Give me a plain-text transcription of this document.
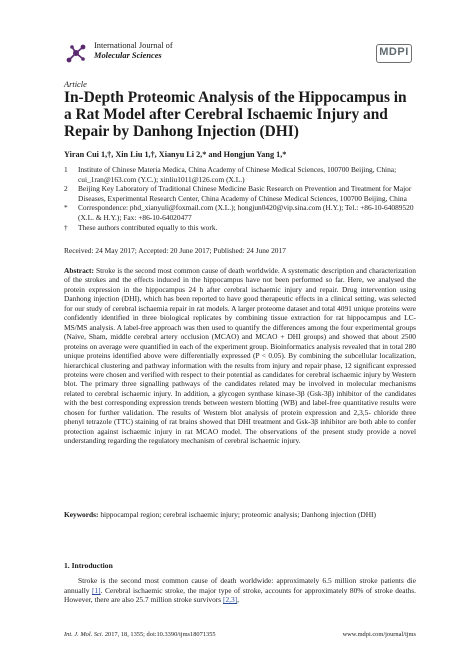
International Journal of
Molecular Sciences	MDPI
Article
In-Depth Proteomic Analysis of the Hippocampus in a Rat Model after Cerebral Ischaemic Injury and Repair by Danhong Injection (DHI)
Yiran Cui 1,†, Xin Liu 1,†, Xianyu Li 2,* and Hongjun Yang 1,*
1	Institute of Chinese Materia Medica, China Academy of Chinese Medical Sciences, 100700 Beijing, China; cui_1ran@163.com (Y.C.); xinliu1011@126.com (X.L.)
2	Beijing Key Laboratory of Traditional Chinese Medicine Basic Research on Prevention and Treatment for Major Diseases, Experimental Research Center, China Academy of Chinese Medical Sciences, 100700 Beijing, China
*	Correspondence: phd_xianyuli@foxmail.com (X.L.); hongjun0420@vip.sina.com (H.Y.); Tel.: +86-10-64089520 (X.L. & H.Y.); Fax: +86-10-64020477
†	These authors contributed equally to this work.
Received: 24 May 2017; Accepted: 20 June 2017; Published: 24 June 2017

Abstract: Stroke is the second most common cause of death worldwide. A systematic description and characterization of the strokes and the effects induced in the hippocampus have not been performed so far. Here, we analysed the protein expression in the hippocampus 24 h after cerebral ischaemic injury and repair. Drug intervention using Danhong injection (DHI), which has been reported to have good therapeutic effects in a clinical setting, was selected for our study of cerebral ischaemia repair in rat models. A larger proteome dataset and total 4091 unique proteins were confidently identified in three biological replicates by combining tissue extraction for rat hippocampus and LC-MS/MS analysis. A label-free approach was then used to quantify the differences among the four experimental groups (Naive, Sham, middle cerebral artery occlusion (MCAO) and MCAO + DHI groups) and showed that about 2500 proteins on average were quantified in each of the experiment group. Bioinformatics analysis revealed that in total 280 unique proteins identified above were differentially expressed (P < 0.05). By combining the subcellular localization, hierarchical clustering and pathway information with the results from injury and repair phase, 12 significant expressed proteins were chosen and verified with respect to their potential as candidates for cerebral ischaemic injury by Western blot. The primary three signalling pathways of the candidates related may be involved in molecular mechanisms related to cerebral ischaemic injury. In addition, a glycogen synthase kinase-3β (Gsk-3β) inhibitor of the candidates with the best corresponding expression trends between western blotting (WB) and label-free quantitative results were chosen for further validation. The results of Western blot analysis of protein expression and 2,3,5- chloride three phenyl tetrazole (TTC) staining of rat brains showed that DHI treatment and Gsk-3β inhibitor are both able to confer protection against ischaemic injury in rat MCAO model. The observations of the present study provide a novel understanding regarding the regulatory mechanism of cerebral ischaemic injury.

Keywords: hippocampal region; cerebral ischaemic injury; proteomic analysis; Danhong injection (DHI)

1. Introduction

Stroke is the second most common cause of death worldwide: approximately 6.5 million stroke patients die annually [1]. Cerebral ischaemic stroke, the major type of stroke, accounts for approximately 80% of stroke deaths. However, there are also 25.7 million stroke survivors [2,3],

Int. J. Mol. Sci. 2017, 18, 1355; doi:10.3390/ijms18071355	www.mdpi.com/journal/ijms
